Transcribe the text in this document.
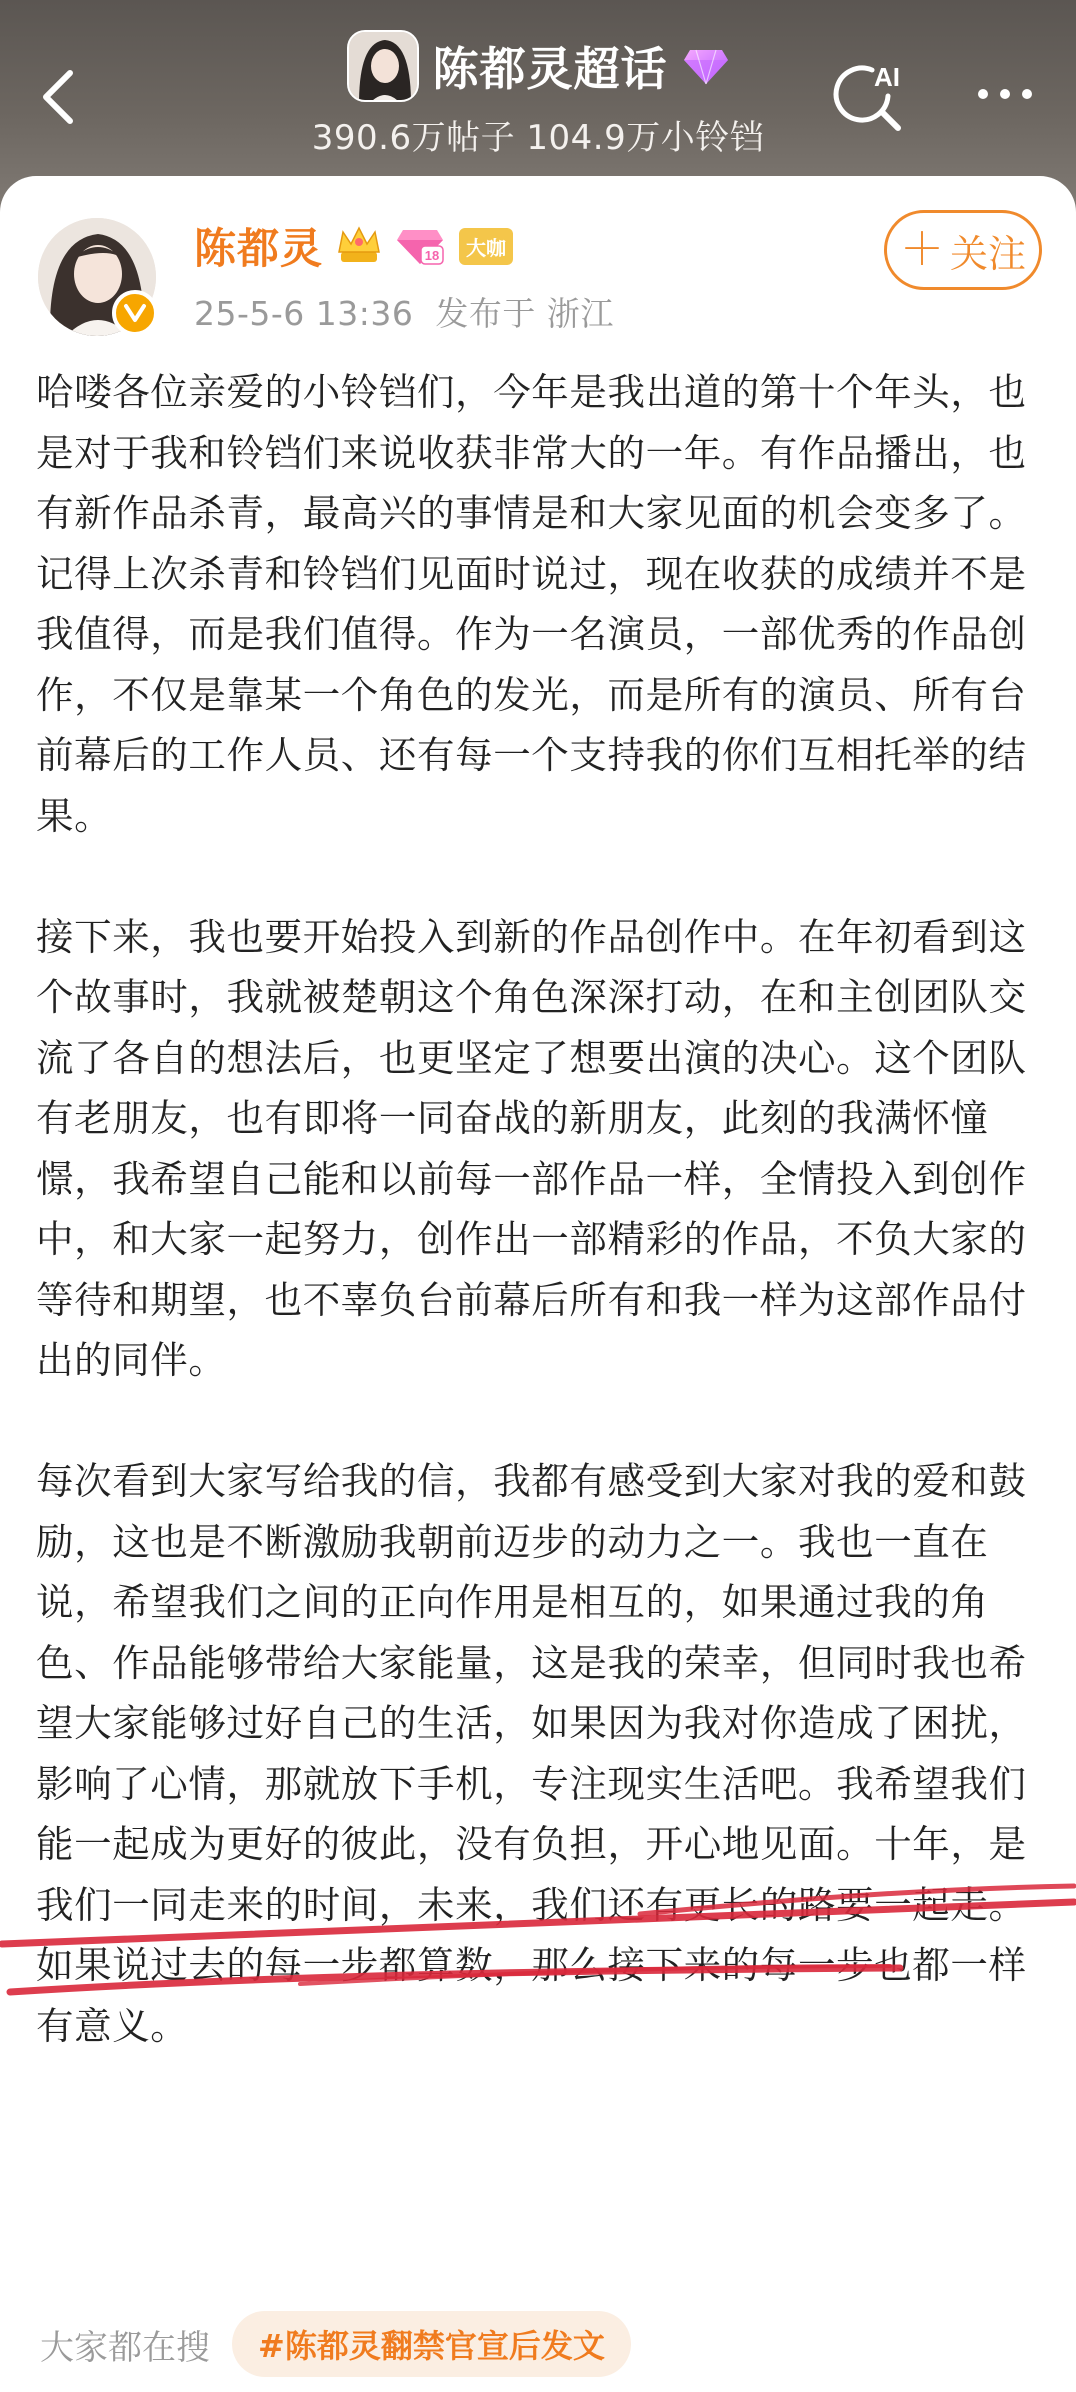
陈都灵超话
390.6万帖子 104.9万小铃铛
AI
陈都灵	18	大咖
25-5-6 13:36 发布于 浙江
＋ 关注

哈喽各位亲爱的小铃铛们，今年是我出道的第十个年头，也是对于我和铃铛们来说收获非常大的一年。有作品播出，也有新作品杀青，最高兴的事情是和大家见面的机会变多了。

记得上次杀青和铃铛们见面时说过，现在收获的成绩并不是我值得，而是我们值得。作为一名演员，一部优秀的作品创作，不仅是靠某一个角色的发光，而是所有的演员、所有台前幕后的工作人员、还有每一个支持我的你们互相托举的结果。

接下来，我也要开始投入到新的作品创作中。在年初看到这个故事时，我就被楚朝这个角色深深打动，在和主创团队交流了各自的想法后，也更坚定了想要出演的决心。这个团队有老朋友，也有即将一同奋战的新朋友，此刻的我满怀憧憬，我希望自己能和以前每一部作品一样，全情投入到创作中，和大家一起努力，创作出一部精彩的作品，不负大家的等待和期望，也不辜负台前幕后所有和我一样为这部作品付出的同伴。

每次看到大家写给我的信，我都有感受到大家对我的爱和鼓励，这也是不断激励我朝前迈步的动力之一。我也一直在说，希望我们之间的正向作用是相互的，如果通过我的角色、作品能够带给大家能量，这是我的荣幸，但同时我也希望大家能够过好自己的生活，如果因为我对你造成了困扰，影响了心情，那就放下手机，专注现实生活吧。我希望我们能一起成为更好的彼此，没有负担，开心地见面。十年，是我们一同走来的时间，未来，我们还有更长的路要一起走。如果说过去的每一步都算数，那么接下来的每一步也都一样有意义。

大家都在搜	#陈都灵翻禁官宣后发文
